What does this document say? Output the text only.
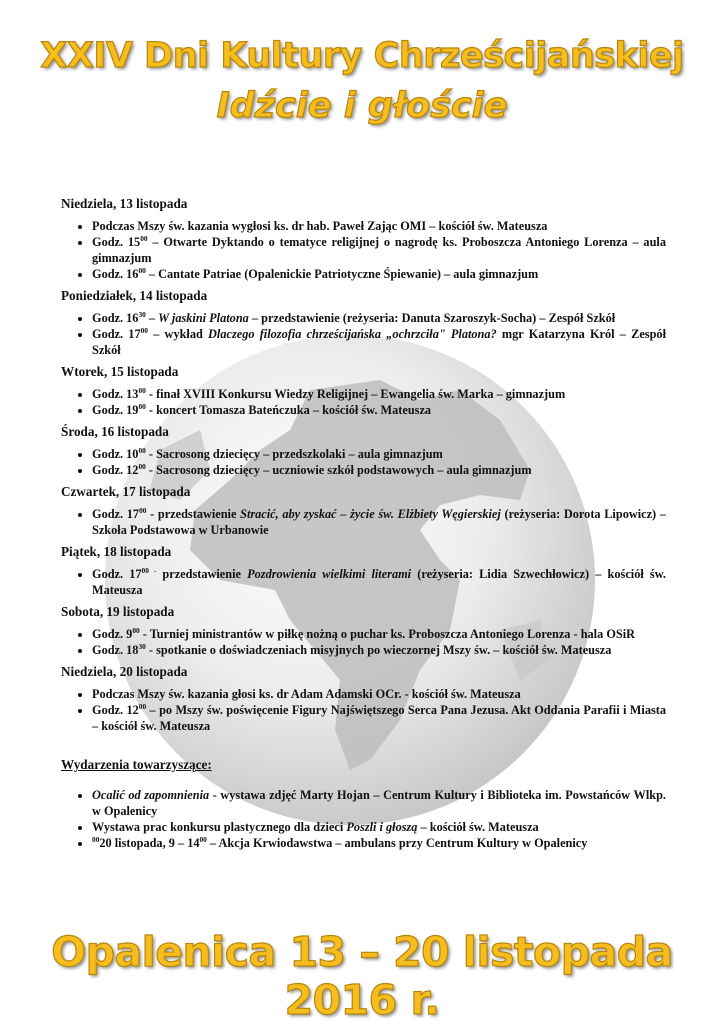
XXIV Dni Kultury Chrześcijańskiej
Idźcie i głoście
Niedziela, 13 listopada
• Podczas Mszy św. kazania wygłosi ks. dr hab. Paweł Zając OMI – kościół św. Mateusza
• Godz. $15^{00}$ – Otwarte Dyktando o tematyce religijnej o nagrodę ks. Proboszcza Antoniego Lorenza – aula gimnazjum
• Godz. $16^{00}$ – Cantate Patriae (Opalenickie Patriotyczne Śpiewanie) – aula gimnazjum
Poniedziałek, 14 listopada
• Godz. $16^{30}$ – W jaskini Platona – przedstawienie (reżyseria: Danuta Szaroszyk-Socha) – Zespół Szkół
• Godz. $17^{00}$ – wykład Dlaczego filozofia chrześcijańska „ochrzciła" Platona? mgr Katarzyna Król – Zespół Szkół
Wtorek, 15 listopada
• Godz. $13^{00}$ - finał XVIII Konkursu Wiedzy Religijnej – Ewangelia św. Marka – gimnazjum
• Godz. $19^{00}$ - koncert Tomasza Bateńczuka – kościół św. Mateusza
Środa, 16 listopada
• Godz. $10^{00}$ - Sacrosong dziecięcy – przedszkolaki – aula gimnazjum
• Godz. $12^{00}$ - Sacrosong dziecięcy – uczniowie szkół podstawowych – aula gimnazjum
Czwartek, 17 listopada
• Godz. $17^{00}$ - przedstawienie Stracić, aby zyskać – życie św. Elżbiety Węgierskiej (reżyseria: Dorota Lipowicz) – Szkoła Podstawowa w Urbanowie
Piątek, 18 listopada
• Godz. $17^{00 -}$ przedstawienie Pozdrowienia wielkimi literami (reżyseria: Lidia Szwechłowicz) – kościół św. Mateusza
Sobota, 19 listopada
• Godz. $9^{00}$ - Turniej ministrantów w piłkę nożną o puchar ks. Proboszcza Antoniego Lorenza - hala OSiR
• Godz. $18^{30}$ - spotkanie o doświadczeniach misyjnych po wieczornej Mszy św. – kościół św. Mateusza
Niedziela, 20 listopada
• Podczas Mszy św. kazania głosi ks. dr Adam Adamski OCr. - kościół św. Mateusza
• Godz. $12^{00}$ – po Mszy św. poświęcenie Figury Najświętszego Serca Pana Jezusa. Akt Oddania Parafii i Miasta – kościół św. Mateusza
Wydarzenia towarzyszące:
• Ocalić od zapomnienia - wystawa zdjęć Marty Hojan – Centrum Kultury i Biblioteka im. Powstańców Wlkp. w Opalenicy
• Wystawa prac konkursu plastycznego dla dzieci Poszli i głoszą – kościół św. Mateusza
• $^{00}$20 listopada, $9 - 14^{00}$ – Akcja Krwiodawstwa – ambulans przy Centrum Kultury w Opalenicy
Opalenica 13 – 20 listopada 2016 r.
